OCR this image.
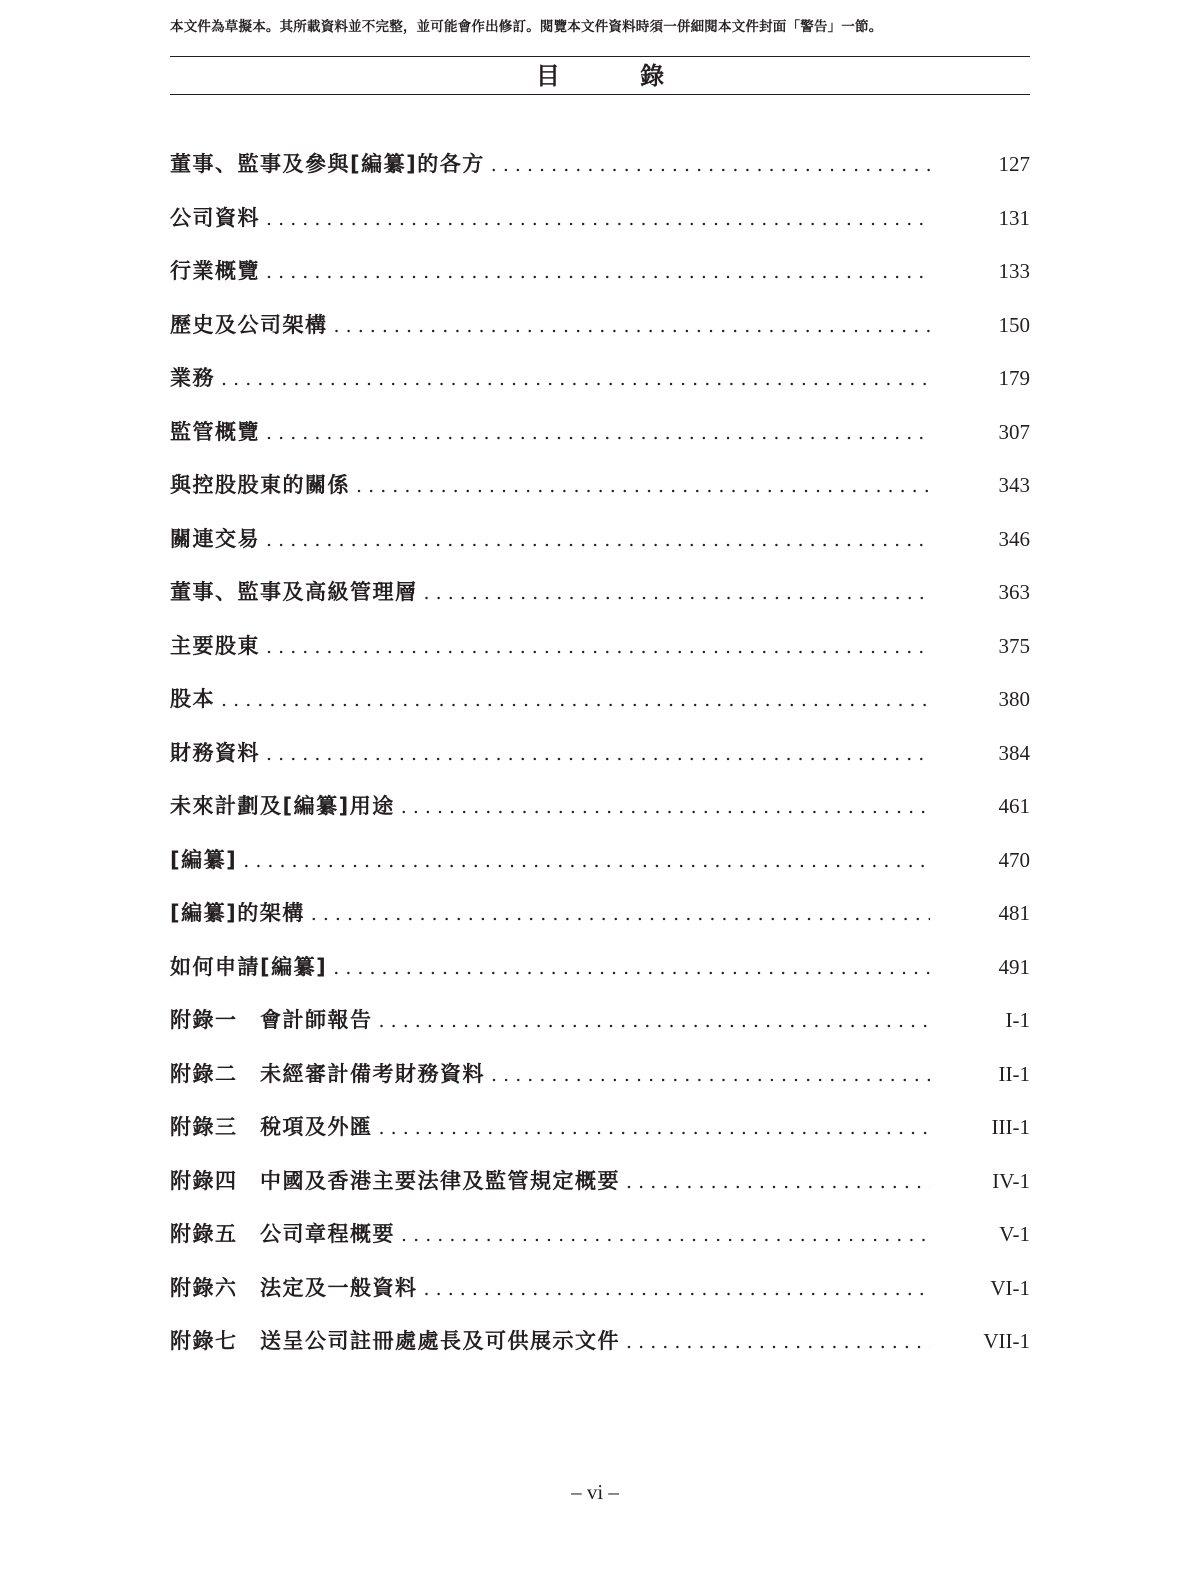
本文件為草擬本。其所載資料並不完整，並可能會作出修訂。閱覽本文件資料時須一併細閱本文件封面「警告」一節。
目 錄
董事、監事及參與[編纂]的各方 . . .	127
公司資料 . . .	131
行業概覽 . . .	133
歷史及公司架構 . . .	150
業務 . . .	179
監管概覽 . . .	307
與控股股東的關係 . . .	343
關連交易 . . .	346
董事、監事及高級管理層 . . .	363
主要股東 . . .	375
股本 . . .	380
財務資料 . . .	384
未來計劃及[編纂]用途 . . .	461
[編纂] . . .	470
[編纂]的架構 . . .	481
如何申請[編纂] . . .	491
附錄一 會計師報告 . . .	I-1
附錄二 未經審計備考財務資料 . . .	II-1
附錄三 稅項及外匯 . . .	III-1
附錄四 中國及香港主要法律及監管規定概要 . . .	IV-1
附錄五 公司章程概要 . . .	V-1
附錄六 法定及一般資料 . . .	VI-1
附錄七 送呈公司註冊處處長及可供展示文件 . . .	VII-1
– vi –
